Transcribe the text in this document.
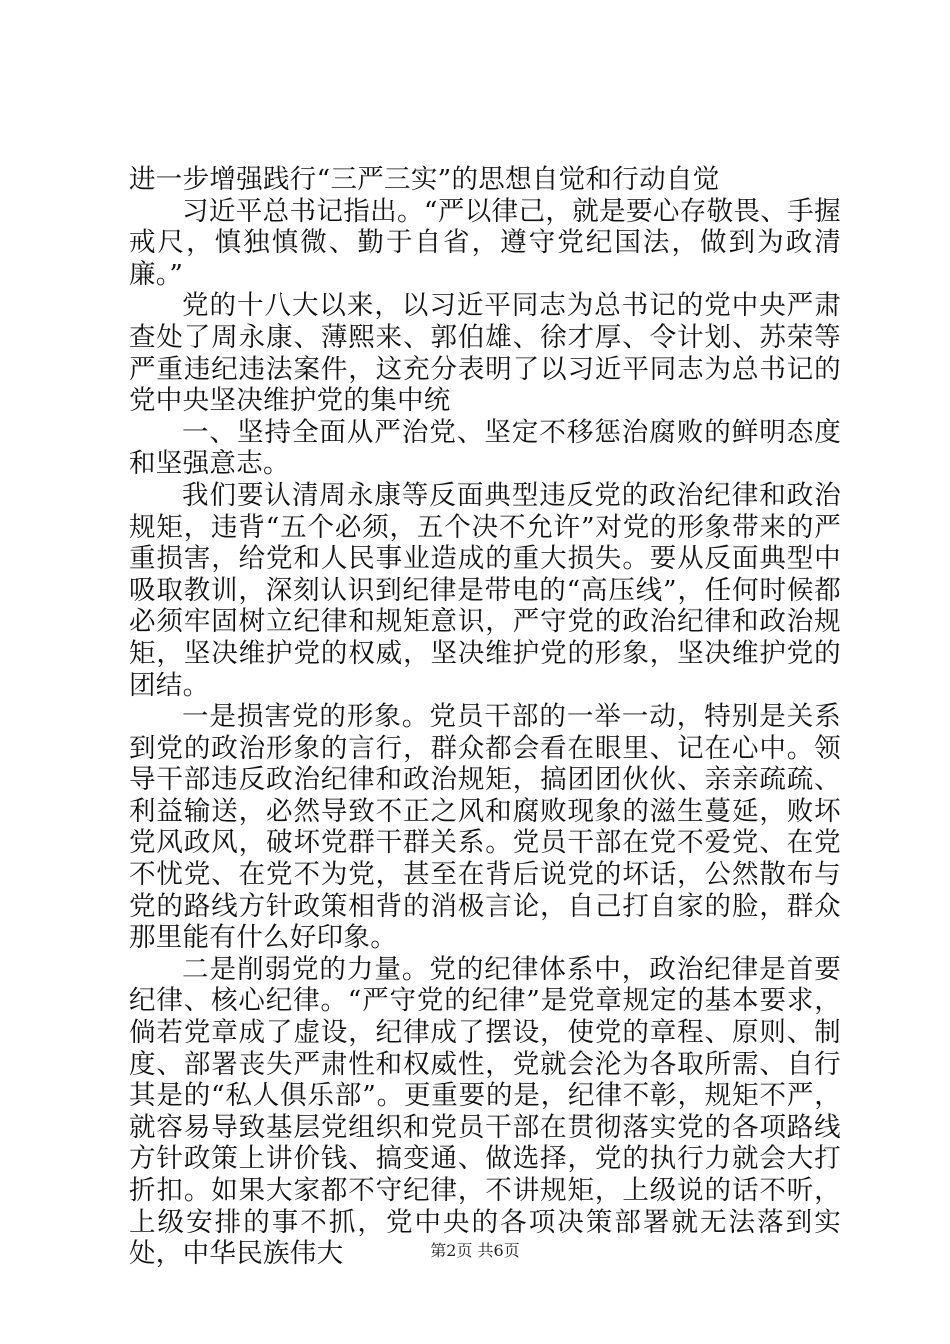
进一步增强践行“三严三实”的思想自觉和行动自觉

习近平总书记指出。“严以律己，就是要心存敬畏、手握戒尺，慎独慎微、勤于自省，遵守党纪国法，做到为政清廉。”

党的十八大以来，以习近平同志为总书记的党中央严肃查处了周永康、薄熙来、郭伯雄、徐才厚、令计划、苏荣等严重违纪违法案件，这充分表明了以习近平同志为总书记的党中央坚决维护党的集中统

一、坚持全面从严治党、坚定不移惩治腐败的鲜明态度和坚强意志。

我们要认清周永康等反面典型违反党的政治纪律和政治规矩，违背“五个必须，五个决不允许”对党的形象带来的严重损害，给党和人民事业造成的重大损失。要从反面典型中吸取教训，深刻认识到纪律是带电的“高压线”，任何时候都必须牢固树立纪律和规矩意识，严守党的政治纪律和政治规矩，坚决维护党的权威，坚决维护党的形象，坚决维护党的团结。

一是损害党的形象。党员干部的一举一动，特别是关系到党的政治形象的言行，群众都会看在眼里、记在心中。领导干部违反政治纪律和政治规矩，搞团团伙伙、亲亲疏疏、利益输送，必然导致不正之风和腐败现象的滋生蔓延，败坏党风政风，破坏党群干群关系。党员干部在党不爱党、在党不忧党、在党不为党，甚至在背后说党的坏话，公然散布与党的路线方针政策相背的消极言论，自己打自家的脸，群众那里能有什么好印象。

二是削弱党的力量。党的纪律体系中，政治纪律是首要纪律、核心纪律。“严守党的纪律”是党章规定的基本要求，倘若党章成了虚设，纪律成了摆设，使党的章程、原则、制度、部署丧失严肃性和权威性，党就会沦为各取所需、自行其是的“私人俱乐部”。更重要的是，纪律不彰，规矩不严，就容易导致基层党组织和党员干部在贯彻落实党的各项路线方针政策上讲价钱、搞变通、做选择，党的执行力就会大打折扣。如果大家都不守纪律，不讲规矩，上级说的话不听，上级安排的事不抓，党中央的各项决策部署就无法落到实处，中华民族伟大	第2页 共6页
